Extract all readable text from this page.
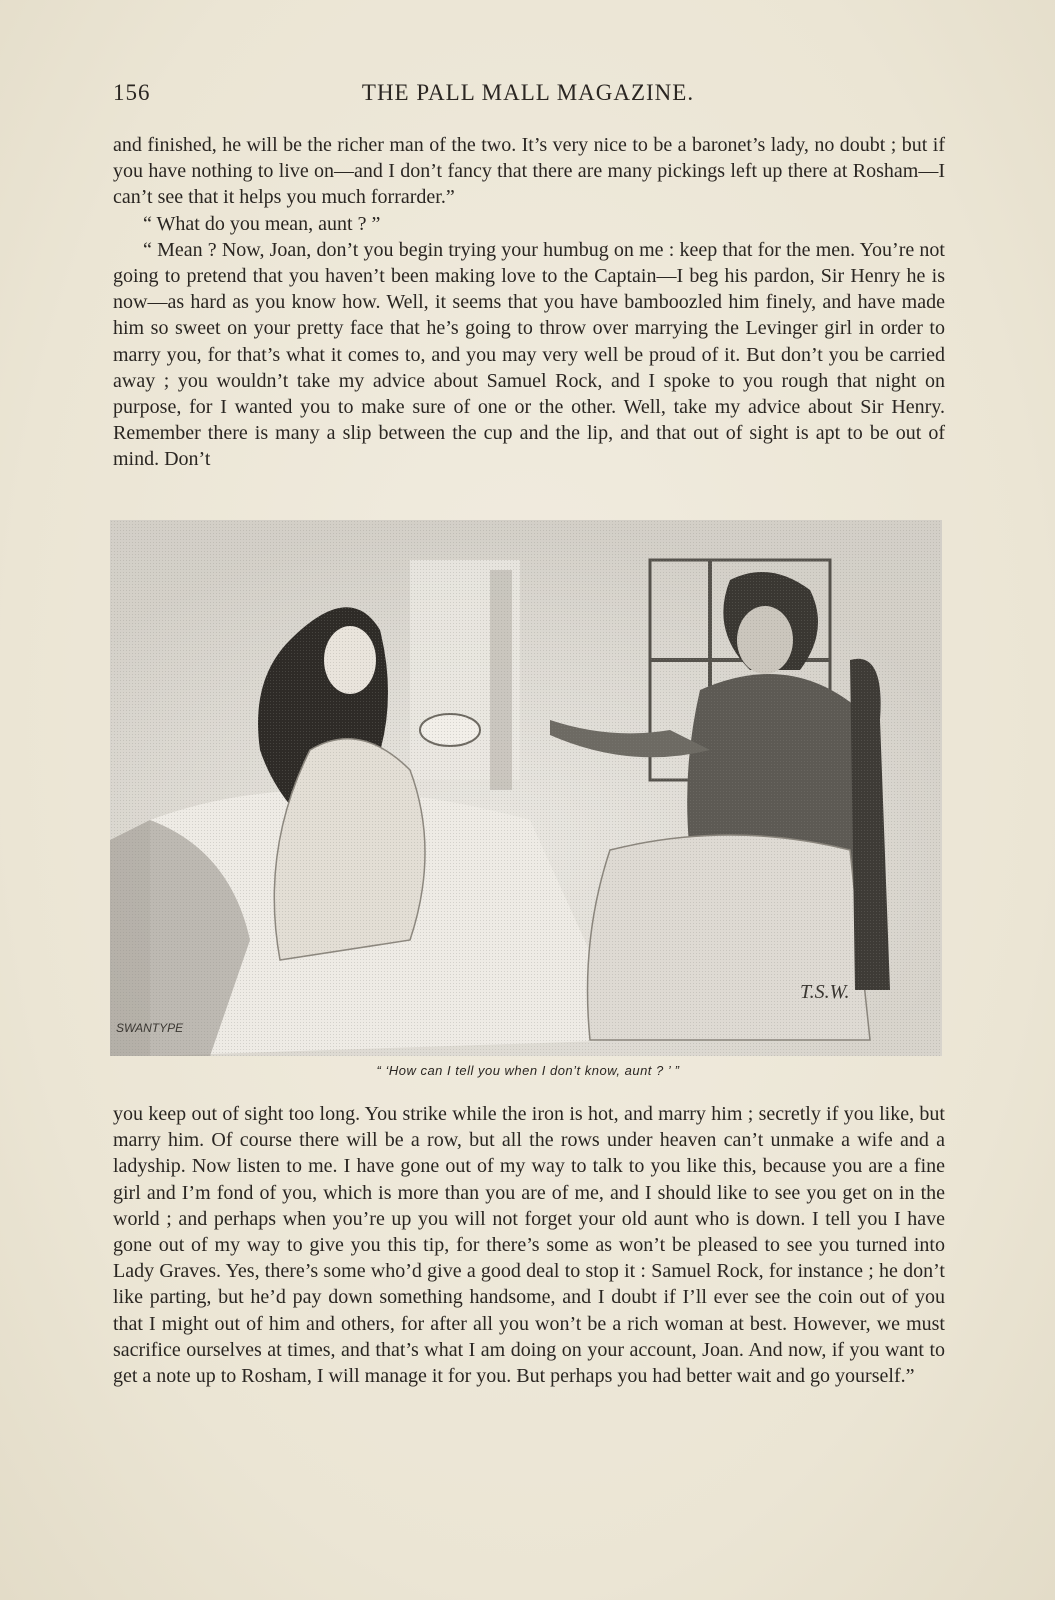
156	THE PALL MALL MAGAZINE.

and finished, he will be the richer man of the two. It’s very nice to be a baronet’s lady, no doubt ; but if you have nothing to live on—and I don’t fancy that there are many pickings left up there at Rosham—I can’t see that it helps you much forrarder.”

“ What do you mean, aunt ? ”

“ Mean ? Now, Joan, don’t you begin trying your humbug on me : keep that for the men. You’re not going to pretend that you haven’t been making love to the Captain—I beg his pardon, Sir Henry he is now—as hard as you know how. Well, it seems that you have bamboozled him finely, and have made him so sweet on your pretty face that he’s going to throw over marrying the Levinger girl in order to marry you, for that’s what it comes to, and you may very well be proud of it. But don’t you be carried away ; you wouldn’t take my advice about Samuel Rock, and I spoke to you rough that night on purpose, for I wanted you to make sure of one or the other. Well, take my advice about Sir Henry. Remember there is many a slip between the cup and the lip, and that out of sight is apt to be out of mind. Don’t

SWANTYPE
T.S.W.
“ ‘How can I tell you when I don’t know, aunt ? ’ ”

you keep out of sight too long. You strike while the iron is hot, and marry him ; secretly if you like, but marry him. Of course there will be a row, but all the rows under heaven can’t unmake a wife and a ladyship. Now listen to me. I have gone out of my way to talk to you like this, because you are a fine girl and I’m fond of you, which is more than you are of me, and I should like to see you get on in the world ; and perhaps when you’re up you will not forget your old aunt who is down. I tell you I have gone out of my way to give you this tip, for there’s some as won’t be pleased to see you turned into Lady Graves. Yes, there’s some who’d give a good deal to stop it : Samuel Rock, for instance ; he don’t like parting, but he’d pay down something handsome, and I doubt if I’ll ever see the coin out of you that I might out of him and others, for after all you won’t be a rich woman at best. However, we must sacrifice ourselves at times, and that’s what I am doing on your account, Joan. And now, if you want to get a note up to Rosham, I will manage it for you. But perhaps you had better wait and go yourself.”
